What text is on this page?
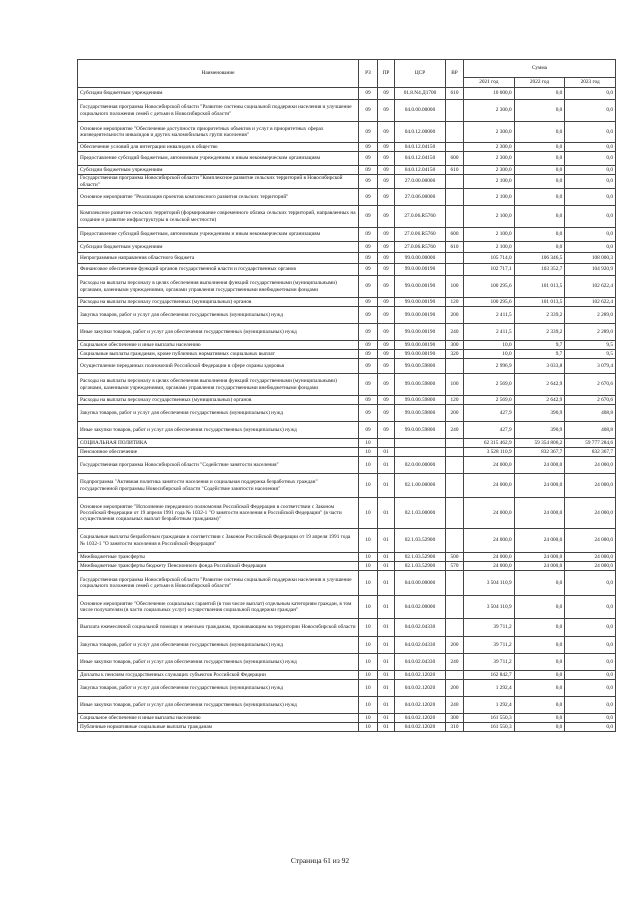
Наименование	РЗ	ПР	ЦСР	ВР	Сумма		
					2021 год	2022 год	2023 год
Субсидии бюджетным учреждениям	09	09	01.8.N4.Д1700	610	10 000,0	0,0	0,0
Государственная программа Новосибирской области "Развитие системы социальной поддержки населения и улучшение социального положения семей с детьми в Новосибирской области"	09	09	04.0.00.00000		2 300,0	0,0	0,0
Основное мероприятие "Обеспечение доступности приоритетных объектов и услуг в приоритетных сферах жизнедеятельности инвалидов и других маломобильных групп населения"	09	09	04.0.12.00000		2 300,0	0,0	0,0
Обеспечение условий для интеграции инвалидов в общество	09	09	04.0.12.04150		2 300,0	0,0	0,0
Предоставление субсидий бюджетным, автономным учреждениям и иным некоммерческим организациям	09	09	04.0.12.04150	600	2 300,0	0,0	0,0
Субсидии бюджетным учреждениям	09	09	04.0.12.04150	610	2 300,0	0,0	0,0
Государственная программа Новосибирской области "Комплексное развитие сельских территорий в Новосибирской области"	09	09	27.0.00.00000		2 100,0	0,0	0,0
Основное мероприятие "Реализация проектов комплексного развития сельских территорий"	09	09	27.0.06.00000		2 100,0	0,0	0,0
Комплексное развитие сельских территорий (формирование современного облика сельских территорий, направленных на создание и развитие инфраструктуры в сельской местности)	09	09	27.0.06.R5760		2 100,0	0,0	0,0
Предоставление субсидий бюджетным, автономным учреждениям и иным некоммерческим организациям	09	09	27.0.06.R5760	600	2 100,0	0,0	0,0
Субсидии бюджетным учреждениям	09	09	27.0.06.R5760	610	2 100,0	0,0	0,0
Непрограммные направления областного бюджета	09	09	99.0.00.00000		105 714,0	106 346,5	108 000,3
Финансовое обеспечение функций органов государственной власти и государственных органов	09	09	99.0.00.00190		102 717,1	103 352,7	104 920,9
Расходы на выплаты персоналу в целях обеспечения выполнения функций государственными (муниципальными) органами, казенными учреждениями, органами управления государственными внебюджетными фондами	09	09	99.0.00.00190	100	100 295,6	101 013,5	102 622,4
Расходы на выплаты персоналу государственных (муниципальных) органов	09	09	99.0.00.00190	120	100 295,6	101 013,5	102 622,4
Закупка товаров, работ и услуг для обеспечения государственных (муниципальных) нужд	09	09	99.0.00.00190	200	2 411,5	2 339,2	2 289,0
Иные закупки товаров, работ и услуг для обеспечения государственных (муниципальных) нужд	09	09	99.0.00.00190	240	2 411,5	2 339,2	2 289,0
Социальное обеспечение и иные выплаты населению	09	09	99.0.00.00190	300	10,0	9,7	9,5
Социальные выплаты гражданам, кроме публичных нормативных социальных выплат	09	09	99.0.00.00190	320	10,0	9,7	9,5
Осуществление переданных полномочий Российской Федерации в сфере охраны здоровья	09	09	99.0.00.59800		2 996,9	3 033,8	3 079,4
Расходы на выплаты персоналу в целях обеспечения выполнения функций государственными (муниципальными) органами, казенными учреждениями, органами управления государственными внебюджетными фондами	09	09	99.0.00.59800	100	2 569,0	2 642,9	2 670,6
Расходы на выплаты персоналу государственных (муниципальных) органов	09	09	99.0.00.59800	120	2 569,0	2 642,9	2 670,6
Закупка товаров, работ и услуг для обеспечения государственных (муниципальных) нужд	09	09	99.0.00.59800	200	427,9	390,9	408,8
Иные закупки товаров, работ и услуг для обеспечения государственных (муниципальных) нужд	09	09	99.0.00.59800	240	427,9	390,9	408,8
СОЦИАЛЬНАЯ ПОЛИТИКА	10				62 315 462,9	59 354 806,2	59 777 284,6
Пенсионное обеспечение	10	01			3 528 110,9	832 367,7	832 367,7
Государственная программа Новосибирской области "Содействие занятости населения"	10	01	02.0.00.00000		24 000,0	24 000,0	24 000,0
Подпрограмма "Активная политика занятости населения и социальная поддержка безработных граждан" государственной программы Новосибирской области "Содействие занятости населения"	10	01	02.1.00.00000		24 000,0	24 000,0	24 000,0
Основное мероприятие "Исполнение переданного полномочия Российской Федерации в соответствии с Законом Российской Федерации от 19 апреля 1991 года № 1032-1 "О занятости населения в Российской Федерации" (в части осуществления социальных выплат безработным гражданам)"	10	01	02.1.03.00000		24 000,0	24 000,0	24 000,0
Социальные выплаты безработным гражданам в соответствии с Законом Российской Федерации от 19 апреля 1991 года № 1032-1 "О занятости населения в Российской Федерации"	10	01	02.1.03.52900		24 000,0	24 000,0	24 000,0
Межбюджетные трансферты	10	01	02.1.03.52900	500	24 000,0	24 000,0	24 000,0
Межбюджетные трансферты бюджету Пенсионного фонда Российской Федерации	10	01	02.1.03.52900	570	24 000,0	24 000,0	24 000,0
Государственная программа Новосибирской области "Развитие системы социальной поддержки населения и улучшение социального положения семей с детьми в Новосибирской области"	10	01	04.0.00.00000		3 504 110,9	0,0	0,0
Основное мероприятие "Обеспечение социальных гарантий (в том числе выплат) отдельным категориям граждан, в том числе получателям (в части социальных услуг) осуществления социальной поддержки граждан"	10	01	04.0.02.00000		3 504 110,9	0,0	0,0
Выплата ежемесячной социальной помощи и земельно гражданам, проживающим на территории Новосибирской области	10	01	04.0.02.04330		39 711,2	0,0	0,0
Закупка товаров, работ и услуг для обеспечения государственных (муниципальных) нужд	10	01	04.0.02.04330	200	39 711,2	0,0	0,0
Иные закупки товаров, работ и услуг для обеспечения государственных (муниципальных) нужд	10	01	04.0.02.04330	240	39 711,2	0,0	0,0
Доплаты к пенсиям государственных служащих субъектов Российской Федерации	10	01	04.0.02.12020		162 842,7	0,0	0,0
Закупка товаров, работ и услуг для обеспечения государственных (муниципальных) нужд	10	01	04.0.02.12020	200	1 292,4	0,0	0,0
Иные закупки товаров, работ и услуг для обеспечения государственных (муниципальных) нужд	10	01	04.0.02.12020	240	1 292,4	0,0	0,0
Социальное обеспечение и иные выплаты населению	10	01	04.0.02.12020	300	161 550,3	0,0	0,0
Публичные нормативные социальные выплаты гражданам	10	01	04.0.02.12020	310	161 550,3	0,0	0,0
Страница 61 из 92
